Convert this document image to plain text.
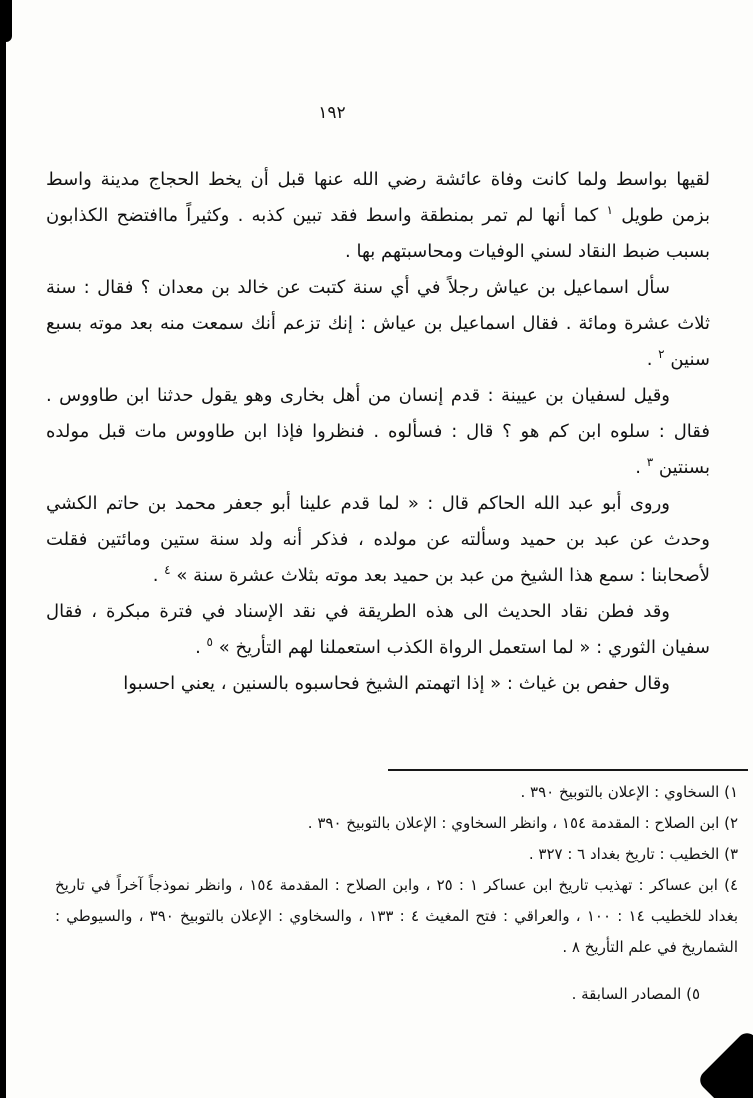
١٩٢

لقيها بواسط ولما كانت وفاة عائشة رضي الله عنها قبل أن يخط الحجاج مدينة واسط بزمن طويل $^١$ كما أنها لم تمر بمنطقة واسط فقد تبين كذبه . وكثيراً ماافتضح الكذابون بسبب ضبط النقاد لسني الوفيات ومحاسبتهم بها .

سأل اسماعيل بن عياش رجلاً في أي سنة كتبت عن خالد بن معدان ؟ فقال : سنة ثلاث عشرة ومائة . فقال اسماعيل بن عياش : إنك تزعم أنك سمعت منه بعد موته بسبع سنين $^٢$ .

وقيل لسفيان بن عيينة : قدم إنسان من أهل بخارى وهو يقول حدثنا ابن طاووس . فقال : سلوه ابن كم هو ؟ قال : فسألوه . فنظروا فإذا ابن طاووس مات قبل مولده بسنتين $^٣$ .

وروى أبو عبد الله الحاكم قال : « لما قدم علينا أبو جعفر محمد بن حاتم الكشي وحدث عن عبد بن حميد وسألته عن مولده ، فذكر أنه ولد سنة ستين ومائتين فقلت لأصحابنا : سمع هذا الشيخ من عبد بن حميد بعد موته بثلاث عشرة سنة » $^٤$ .

وقد فطن نقاد الحديث الى هذه الطريقة في نقد الإسناد في فترة مبكرة ، فقال سفيان الثوري : « لما استعمل الرواة الكذب استعملنا لهم التأريخ » $^٥$ .

وقال حفص بن غياث : « إذا اتهمتم الشيخ فحاسبوه بالسنين ، يعني احسبوا

١) السخاوي : الإعلان بالتوبيخ ٣٩٠ .

٢) ابن الصلاح : المقدمة ١٥٤ ، وانظر السخاوي : الإعلان بالتوبيخ ٣٩٠ .

٣) الخطيب : تاريخ بغداد ٦ : ٣٢٧ .

٤) ابن عساكر : تهذيب تاريخ ابن عساكر ١ : ٢٥ ، وابن الصلاح : المقدمة ١٥٤ ، وانظر نموذجاً آخراً في تاريخ بغداد للخطيب ١٤ : ١٠٠ ، والعراقي : فتح المغيث ٤ : ١٣٣ ، والسخاوي : الإعلان بالتوبيخ ٣٩٠ ، والسيوطي : الشماريخ في علم التأريخ ٨ .

٥) المصادر السابقة .
